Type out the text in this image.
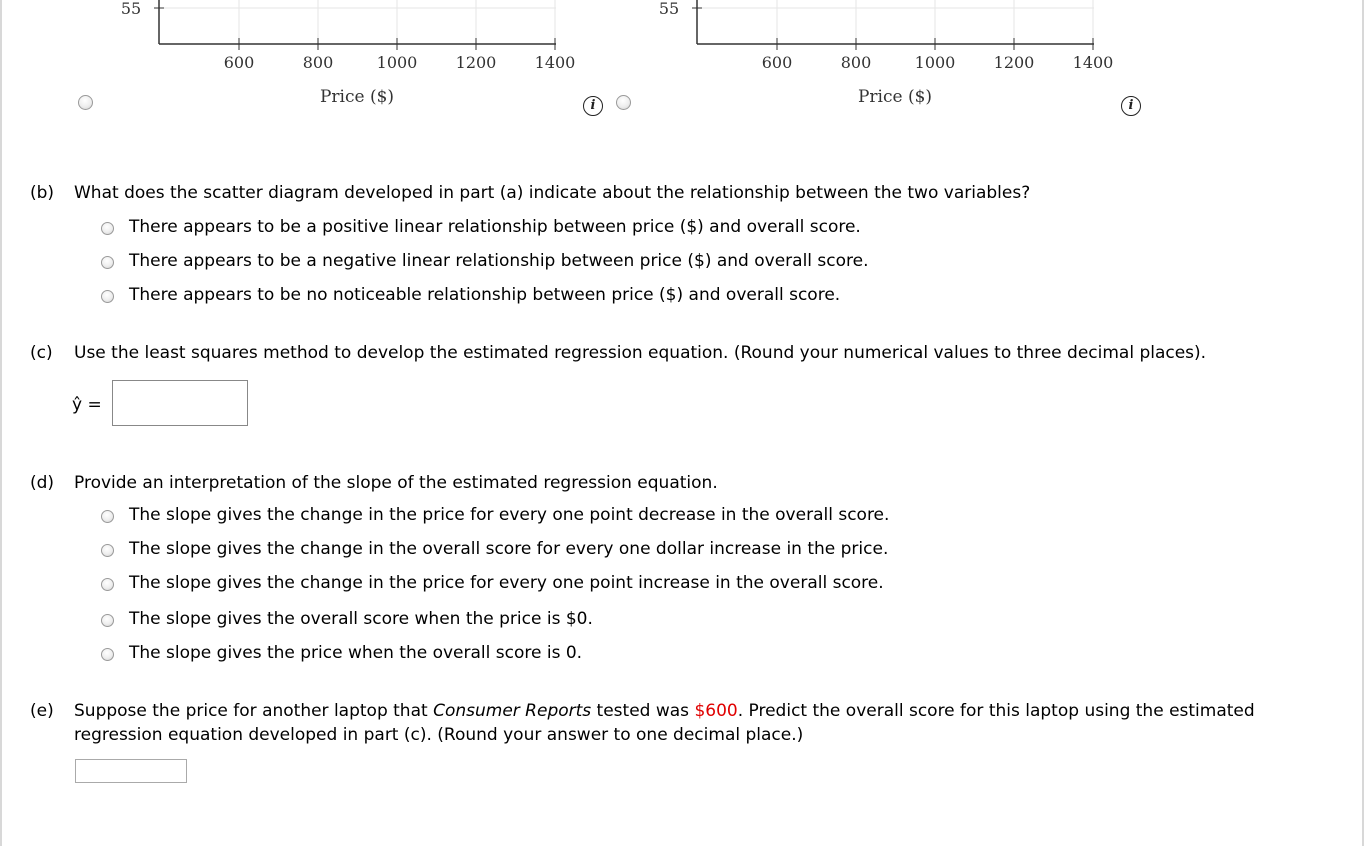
55
600	800	1000 1200 1400
Price ($)
55
600	800	1000 1200 1400
Price ($)
i	i
(b) What does the scatter diagram developed in part (a) indicate about the relationship between the two variables?
There appears to be a positive linear relationship between price ($) and overall score.
There appears to be a negative linear relationship between price ($) and overall score.
There appears to be no noticeable relationship between price ($) and overall score.
(c) Use the least squares method to develop the estimated regression equation. (Round your numerical values to three decimal places).
ŷ =
(d) Provide an interpretation of the slope of the estimated regression equation.
The slope gives the change in the price for every one point decrease in the overall score.
The slope gives the change in the overall score for every one dollar increase in the price.
The slope gives the change in the price for every one point increase in the overall score.
The slope gives the overall score when the price is $0.
The slope gives the price when the overall score is 0.
(e) Suppose the price for another laptop that Consumer Reports tested was $600. Predict the overall score for this laptop using the estimated
regression equation developed in part (c). (Round your answer to one decimal place.)
